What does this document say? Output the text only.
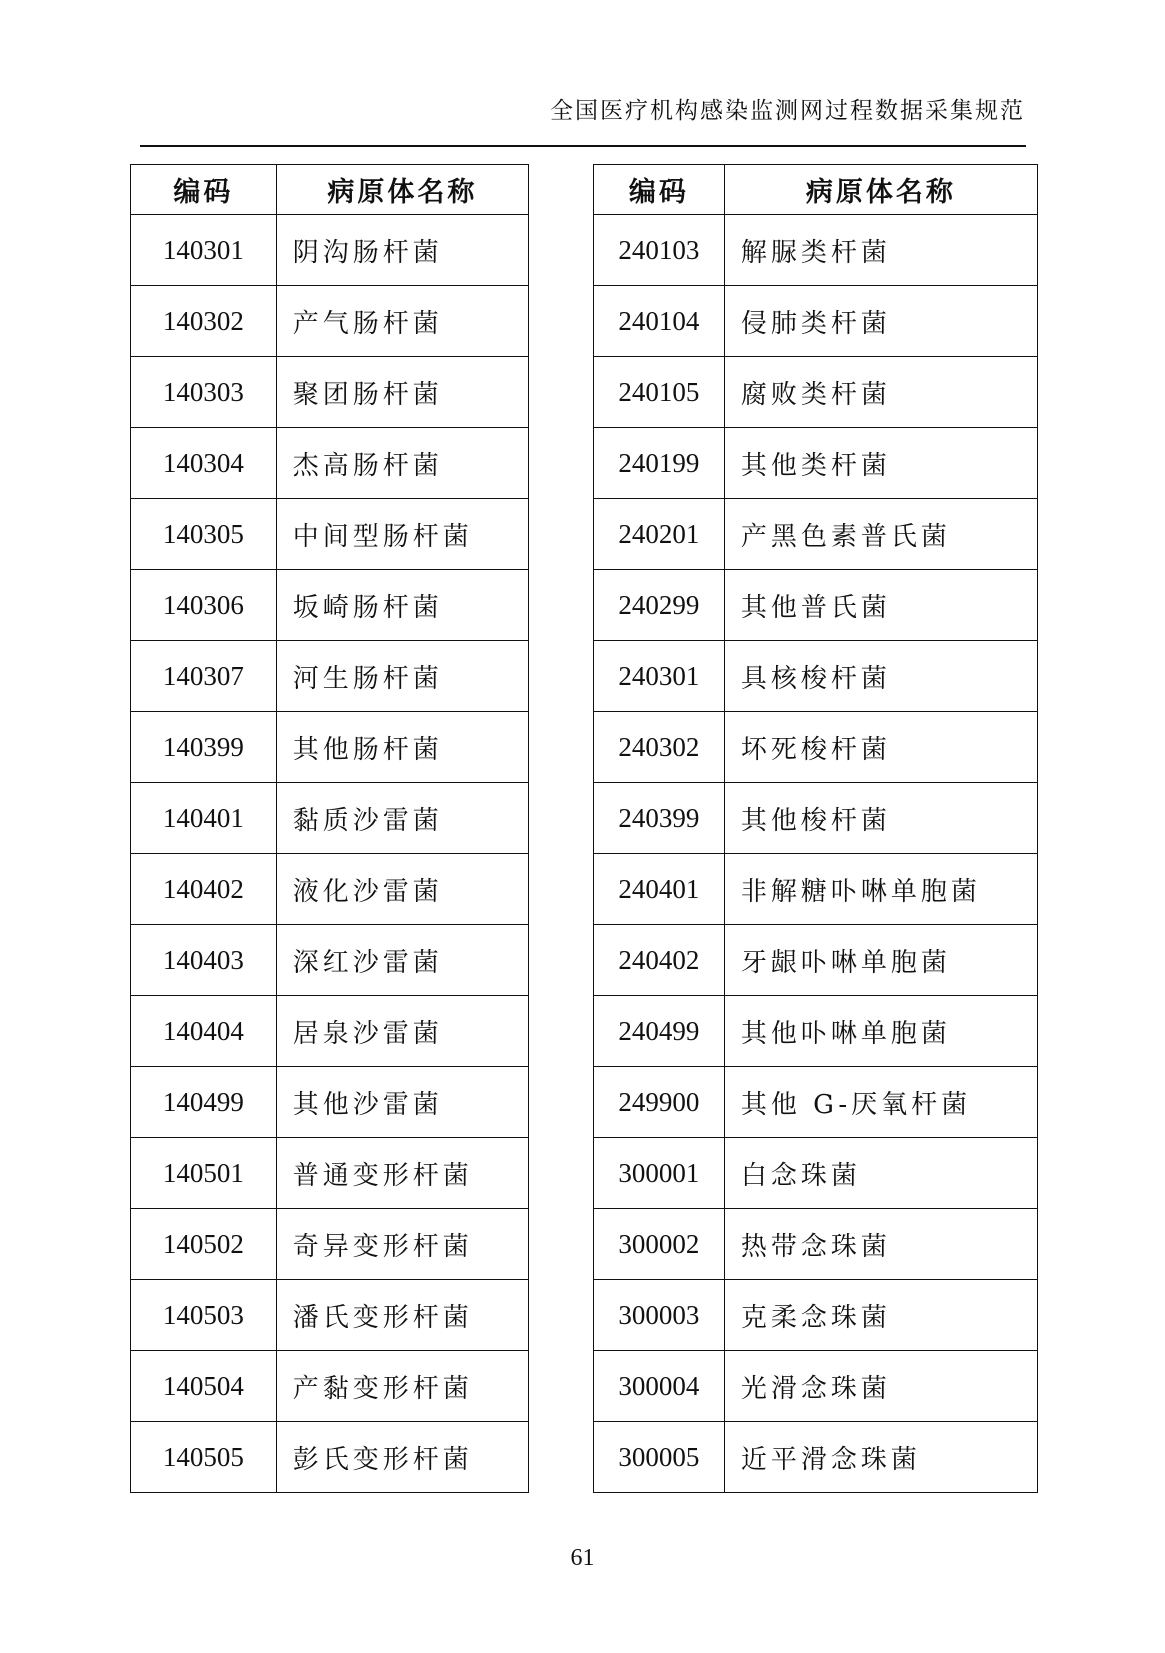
全国医疗机构感染监测网过程数据采集规范
编码	病原体名称
140301	阴沟肠杆菌
140302	产气肠杆菌
140303	聚团肠杆菌
140304	杰高肠杆菌
140305	中间型肠杆菌
140306	坂崎肠杆菌
140307	河生肠杆菌
140399	其他肠杆菌
140401	黏质沙雷菌
140402	液化沙雷菌
140403	深红沙雷菌
140404	居泉沙雷菌
140499	其他沙雷菌
140501	普通变形杆菌
140502	奇异变形杆菌
140503	潘氏变形杆菌
140504	产黏变形杆菌
140505	彭氏变形杆菌
编码	病原体名称
240103	解脲类杆菌
240104	侵肺类杆菌
240105	腐败类杆菌
240199	其他类杆菌
240201	产黑色素普氏菌
240299	其他普氏菌
240301	具核梭杆菌
240302	坏死梭杆菌
240399	其他梭杆菌
240401	非解糖卟啉单胞菌
240402	牙龈卟啉单胞菌
240499	其他卟啉单胞菌
249900	其他 G-厌氧杆菌
300001	白念珠菌
300002	热带念珠菌
300003	克柔念珠菌
300004	光滑念珠菌
300005	近平滑念珠菌
61
